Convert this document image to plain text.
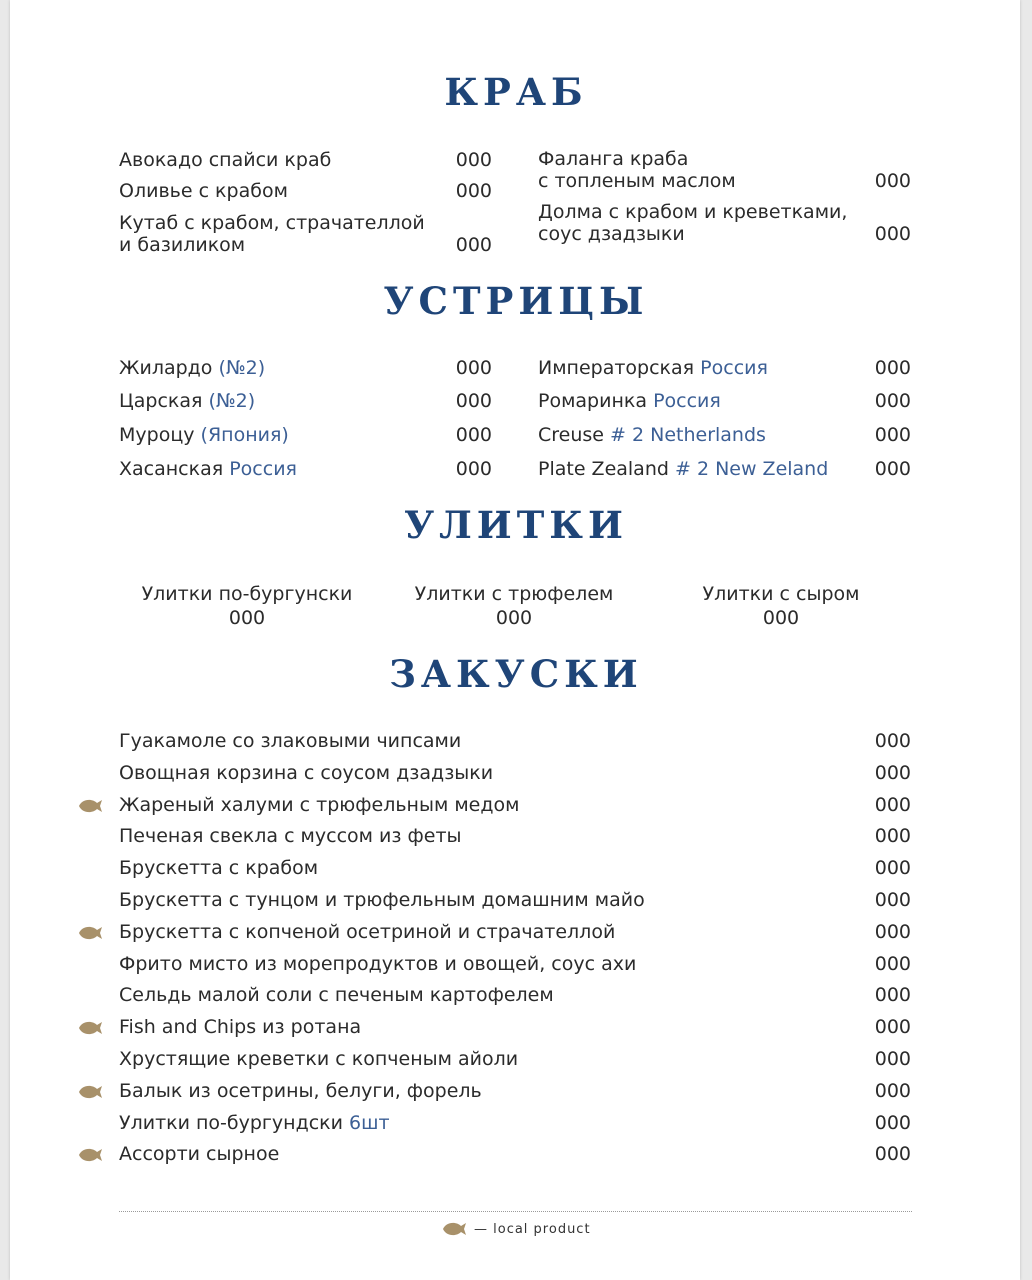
КРАБ
Авокадо спайси краб	000
Оливье с крабом	000
Кутаб с крабом, страчателлой
и базиликом	000
Фаланга краба
с топленым маслом	000
Долма с крабом и креветками,
соус дзадзыки	000
УСТРИЦЫ
Жилардо (№2)	000
Царская (№2)	000
Муроцу (Япония)	000
Хасанская Россия	000
Императорская Россия	000
Ромаринка Россия	000
Creuse # 2 Netherlands	000
Plate Zealand # 2 New Zeland	000
УЛИТКИ
Улитки по-бургунски
000
Улитки с трюфелем
000
Улитки с сыром
000
ЗАКУСКИ
Гуакамоле со злаковыми чипсами	000
Овощная корзина с соусом дзадзыки	000
Жареный халуми с трюфельным медом	000
Печеная свекла с муссом из феты	000
Брускетта с крабом	000
Брускетта с тунцом и трюфельным домашним майо	000
Брускетта с копченой осетриной и страчателлой	000
Фрито мисто из морепродуктов и овощей, соус ахи	000
Сельдь малой соли с печеным картофелем	000
Fish and Chips из ротана	000
Хрустящие креветки с копченым айоли	000
Балык из осетрины, белуги, форель	000
Улитки по-бургундски 6шт	000
Ассорти сырное	000
— local product
